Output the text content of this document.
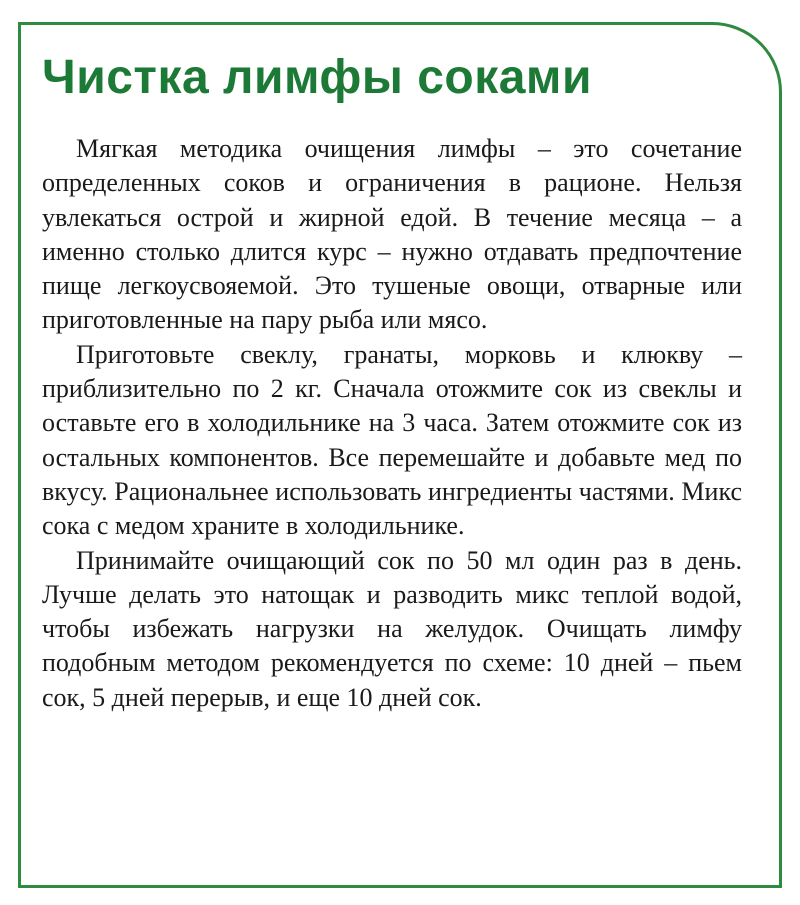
Чистка лимфы соками

Мягкая методика очищения лимфы – это сочетание определенных соков и ограничения в рационе. Нельзя увлекаться острой и жирной едой. В течение месяца – а именно столько длится курс – нужно отдавать предпочтение пище легкоусвояемой. Это тушеные овощи, отварные или приготовленные на пару рыба или мясо.

Приготовьте свеклу, гранаты, морковь и клюкву – приблизительно по 2 кг. Сначала отожмите сок из свеклы и оставьте его в холодильнике на 3 часа. Затем отожмите сок из остальных компонентов. Все перемешайте и добавьте мед по вкусу. Рациональнее использовать ингредиенты частями. Микс сока с медом храните в холодильнике.

Принимайте очищающий сок по 50 мл один раз в день. Лучше делать это натощак и разводить микс теплой водой, чтобы избежать нагрузки на желудок. Очищать лимфу подобным методом рекомендуется по схеме: 10 дней – пьем сок, 5 дней перерыв, и еще 10 дней сок.
